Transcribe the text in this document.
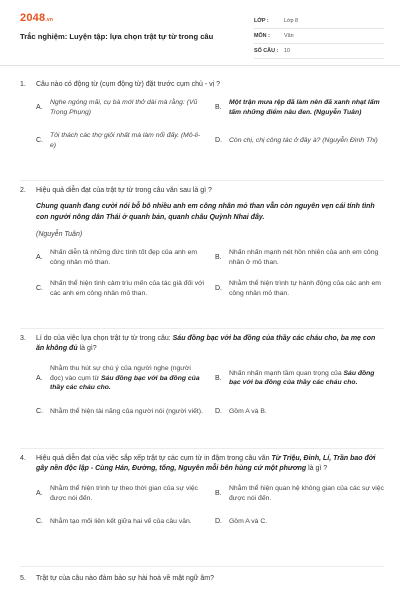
2048.vn
Trắc nghiệm: Luyện tập: lựa chọn trật tự từ trong câu
LỚP :	Lớp 8
MÔN :	Văn
SỐ CÂU :	10
1.	Câu nào có động từ (cụm động từ) đặt trước cụm chủ - vị ?
A.
Nghe ngóng mãi, cụ bà mới thở dài mà rằng: (Vũ Trọng Phụng)
B.
Một trận mưa rệp đã làm nên đã xanh nhạt lấm tấm những điểm nâu đen. (Nguyễn Tuân)
C.
Tôi thách các thợ giỏi nhất mà làm nổi đấy. (Mô-li-e)
D.	Còn chị, chị công tác ở đây à? (Nguyễn Đình Thi)
2.	Hiệu quả diễn đạt của trật tự từ trong câu văn sau là gì ?
Chung quanh đang cười nói bỗ bô nhiều anh em công nhân mỏ than vẫn còn nguyên vẹn cái tính tình con người nông dân Thái ở quanh bản, quanh châu Quỳnh Nhai đấy.
(Nguyễn Tuân)
A.
Nhấn diễn tả những đức tính tốt đẹp của anh em công nhân mỏ than.
B.
Nhấn nhấn mạnh nét hồn nhiên của anh em công nhân ở mỏ than.
C.
Nhấn thể hiện tình cảm trìu mến của tác giả đối với các anh em công nhân mỏ than.
D.
Nhằm thể hiện trình tự hành động của các anh em công nhân mỏ than.
3.	Lí do của việc lựa chọn trật tự từ trong câu: Sáu đồng bạc với ba đồng của thầy các cháu cho, ba mẹ con ăn không đủ là gì?
A.
Nhằm thu hút sự chú ý của người nghe (người đọc) vào cụm từ Sáu đồng bạc với ba đồng của thầy các cháu cho.
B.
Nhấn nhấn mạnh tầm quan trọng của Sáu đồng bạc với ba đồng của thầy các cháu cho.
C.	Nhằm thể hiện tài năng của người nói (người viết). D.	Gồm A và B.
4.	Hiệu quả diễn đạt của việc sắp xếp trật tự các cụm từ in đậm trong câu văn Từ Triệu, Đinh, Lí, Trần bao đời gây nền độc lập - Cùng Hán, Đường, tống, Nguyên mỗi bên hùng cứ một phương là gì ?
A.
Nhằm thể hiện trình tự theo thời gian của sự việc được nói đến.
B.
Nhằm thể hiện quan hệ không gian của các sự việc được nói đến.
C.	Nhằm tạo mối liên kết giữa hai vế của câu văn.	D.	Gồm A và C.
5.	Trật tự của câu nào đảm bảo sự hài hoà về mặt ngữ âm?
